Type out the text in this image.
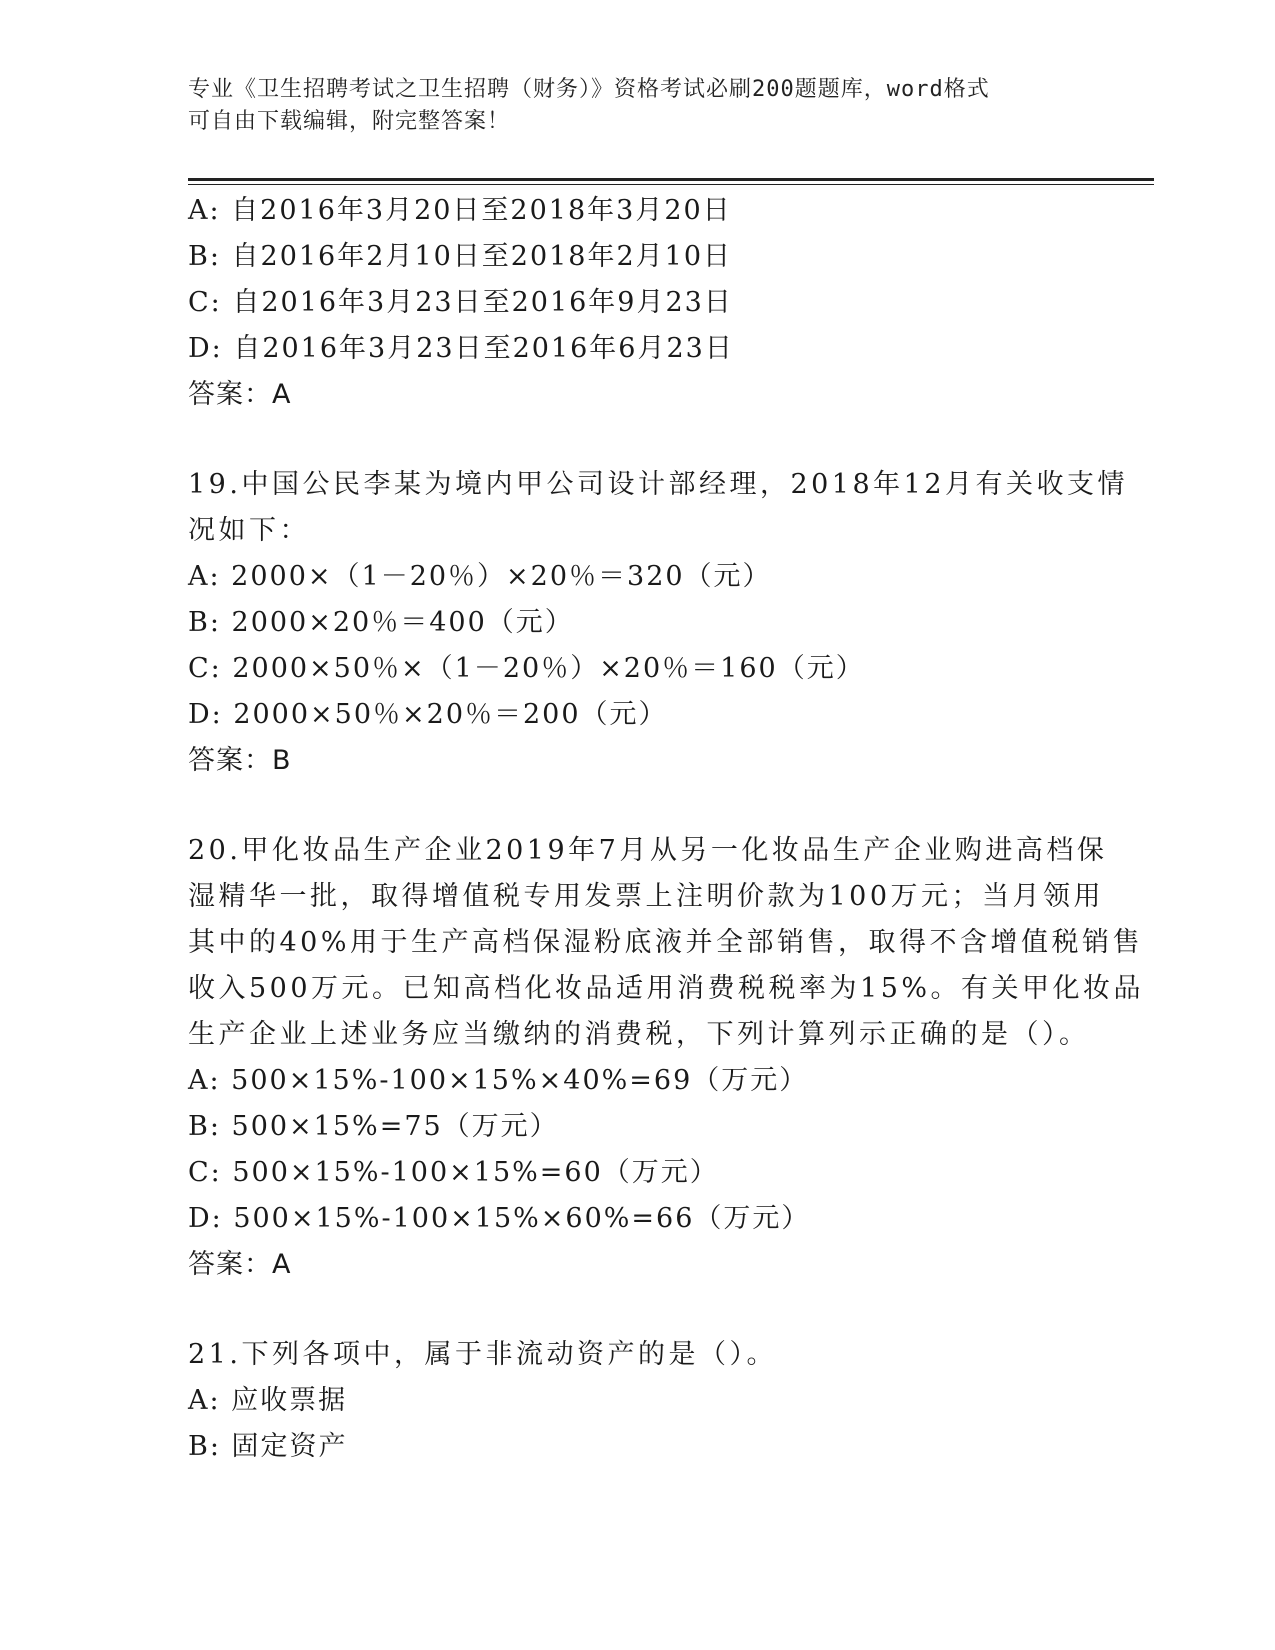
专业《卫生招聘考试之卫生招聘（财务）》资格考试必刷200题题库，word格式
可自由下载编辑，附完整答案！
A: 自2016年3月20日至2018年3月20日
B: 自2016年2月10日至2018年2月10日
C: 自2016年3月23日至2016年9月23日
D: 自2016年3月23日至2016年6月23日
答案：A
19.中国公民李某为境内甲公司设计部经理，2018年12月有关收支情
况如下：
A: 2000×（1－20％）×20％＝320（元）
B: 2000×20％＝400（元）
C: 2000×50％×（1－20％）×20％＝160（元）
D: 2000×50％×20％＝200（元）
答案：B
20.甲化妆品生产企业2019年7月从另一化妆品生产企业购进高档保
湿精华一批，取得增值税专用发票上注明价款为100万元；当月领用
其中的40%用于生产高档保湿粉底液并全部销售，取得不含增值税销售
收入500万元。已知高档化妆品适用消费税税率为15%。有关甲化妆品
生产企业上述业务应当缴纳的消费税，下列计算列示正确的是（）。
A: 500×15%-100×15%×40%=69（万元）
B: 500×15%=75（万元）
C: 500×15%-100×15%=60（万元）
D: 500×15%-100×15%×60%=66（万元）
答案：A
21.下列各项中，属于非流动资产的是（）。
A: 应收票据
B: 固定资产
